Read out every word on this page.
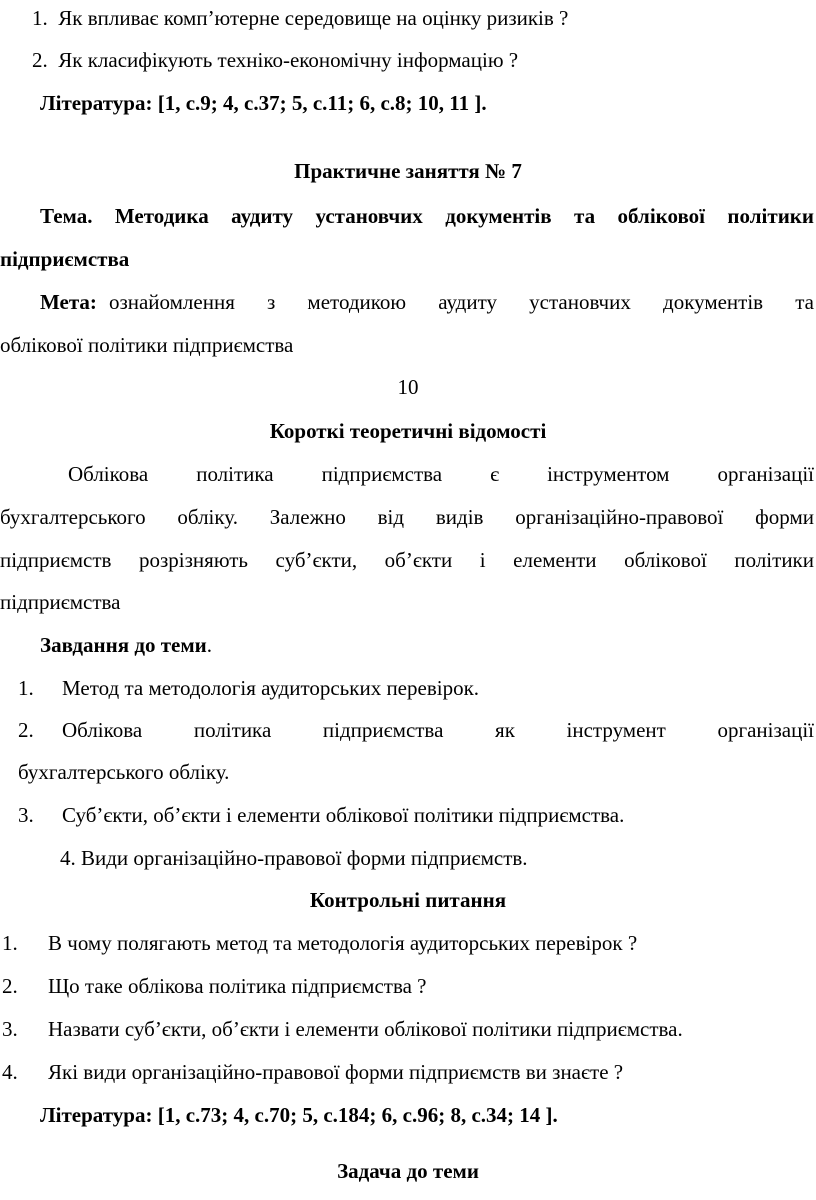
1. Як впливає комп’ютерне середовище на оцінку ризиків ?
2. Як класифікують техніко-економічну інформацію ?
Література: [1, с.9; 4, с.37; 5, с.11; 6, с.8; 10, 11 ].
Практичне заняття № 7
Тема. Методика аудиту установчих документів та облікової політики
підприємства
Мета: ознайомлення з методикою аудиту установчих документів та
облікової політики підприємства
10
Короткі теоретичні відомості
Облікова політика підприємства є інструментом організації
бухгалтерського обліку. Залежно від видів організаційно-правової форми
підприємств розрізняють суб’єкти, об’єкти і елементи облікової політики
підприємства
Завдання до теми.
1. Метод та методологія аудиторських перевірок.
2.	Облікова політика підприємства як інструмент організації
бухгалтерського обліку.
3. Суб’єкти, об’єкти і елементи облікової політики підприємства.
4. Види організаційно-правової форми підприємств.
Контрольні питання
1. В чому полягають метод та методологія аудиторських перевірок ?
2. Що таке облікова політика підприємства ?
3. Назвати суб’єкти, об’єкти і елементи облікової політики підприємства.
4. Які види організаційно-правової форми підприємств ви знаєте ?
Література: [1, с.73; 4, с.70; 5, с.184; 6, с.96; 8, с.34; 14 ].
Задача до теми
